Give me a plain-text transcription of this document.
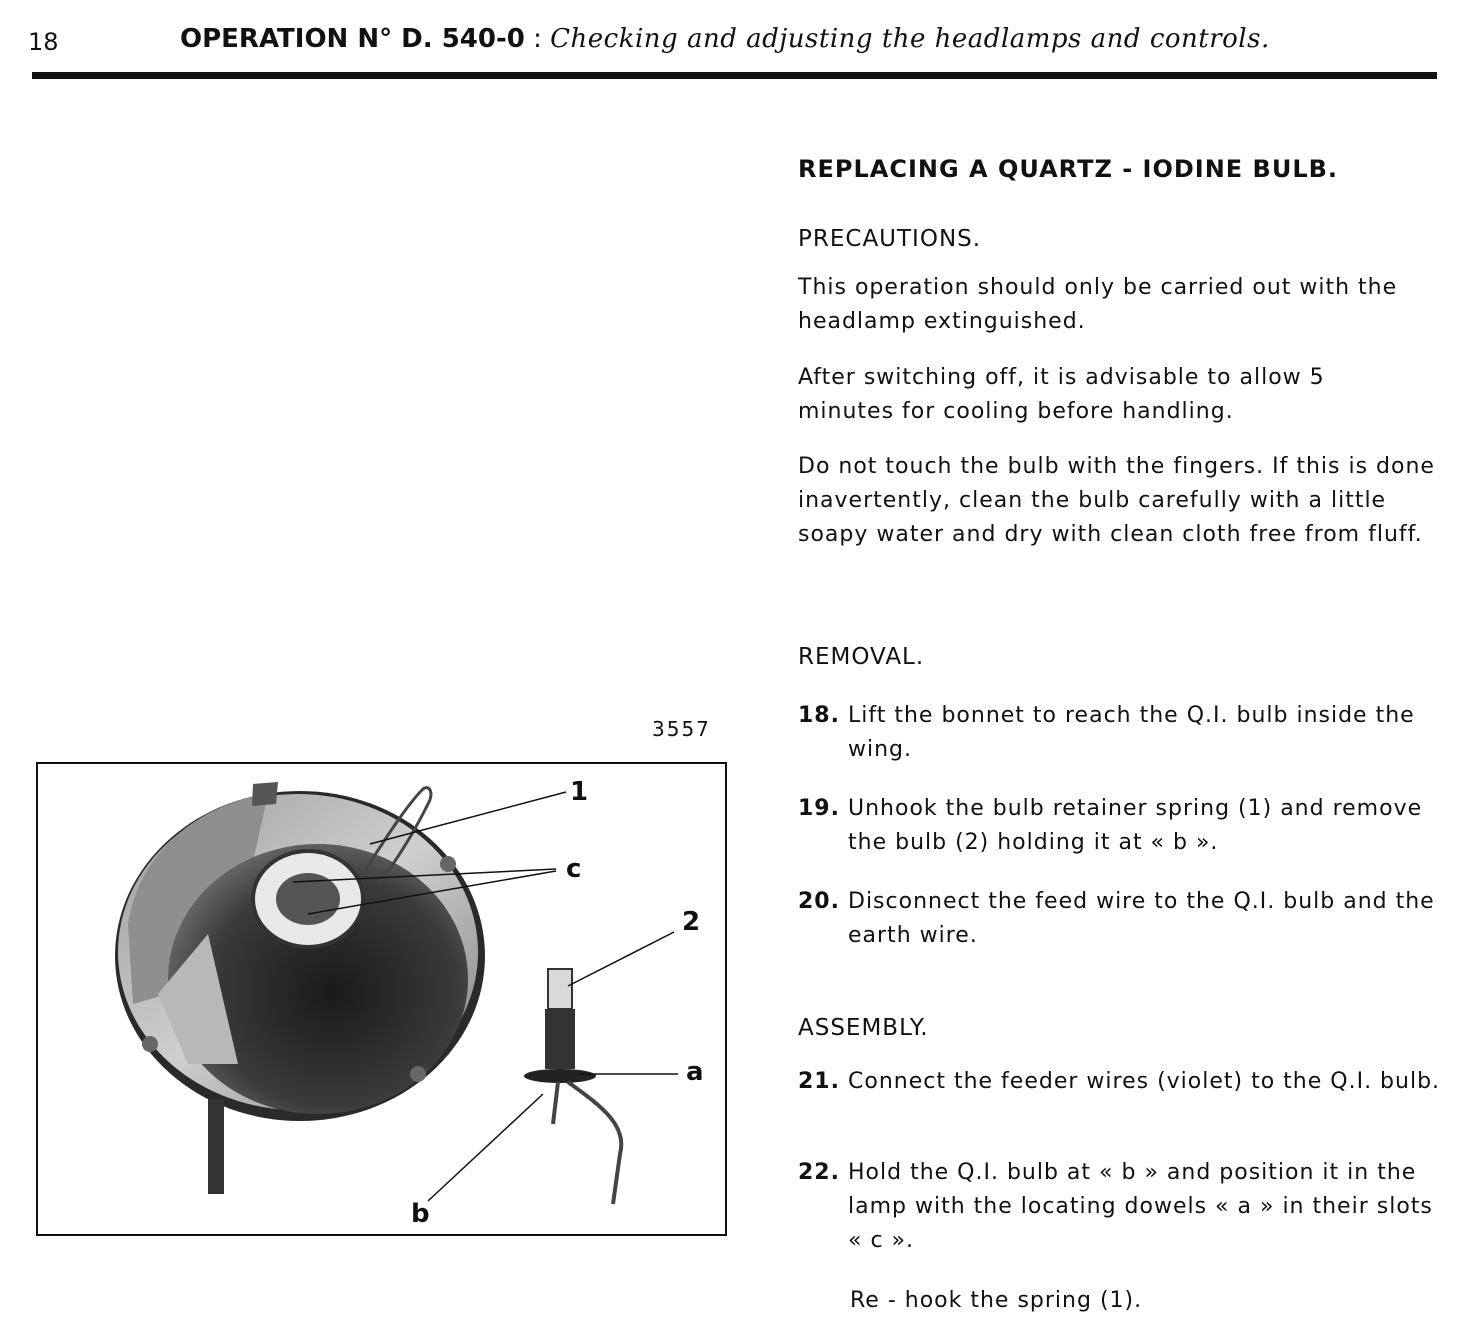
18	OPERATION N° D. 540-0 : Checking and adjusting the headlamps and controls.
REPLACING A QUARTZ - IODINE BULB.
PRECAUTIONS.
This operation should only be carried out with the headlamp extinguished.
After switching off, it is advisable to allow 5 minutes for cooling before handling.
Do not touch the bulb with the fingers. If this is done inavertently, clean the bulb carefully with a little soapy water and dry with clean cloth free from fluff.
REMOVAL.
18. Lift the bonnet to reach the Q.I. bulb inside the wing.
19. Unhook the bulb retainer spring (1) and remove the bulb (2) holding it at « b ».
20. Disconnect the feed wire to the Q.I. bulb and the earth wire.
ASSEMBLY.
21. Connect the feeder wires (violet) to the Q.I. bulb.
22. Hold the Q.I. bulb at « b » and position it in the lamp with the locating dowels « a » in their slots « c ».
Re - hook the spring (1).
3557
1
c
2
a
b
